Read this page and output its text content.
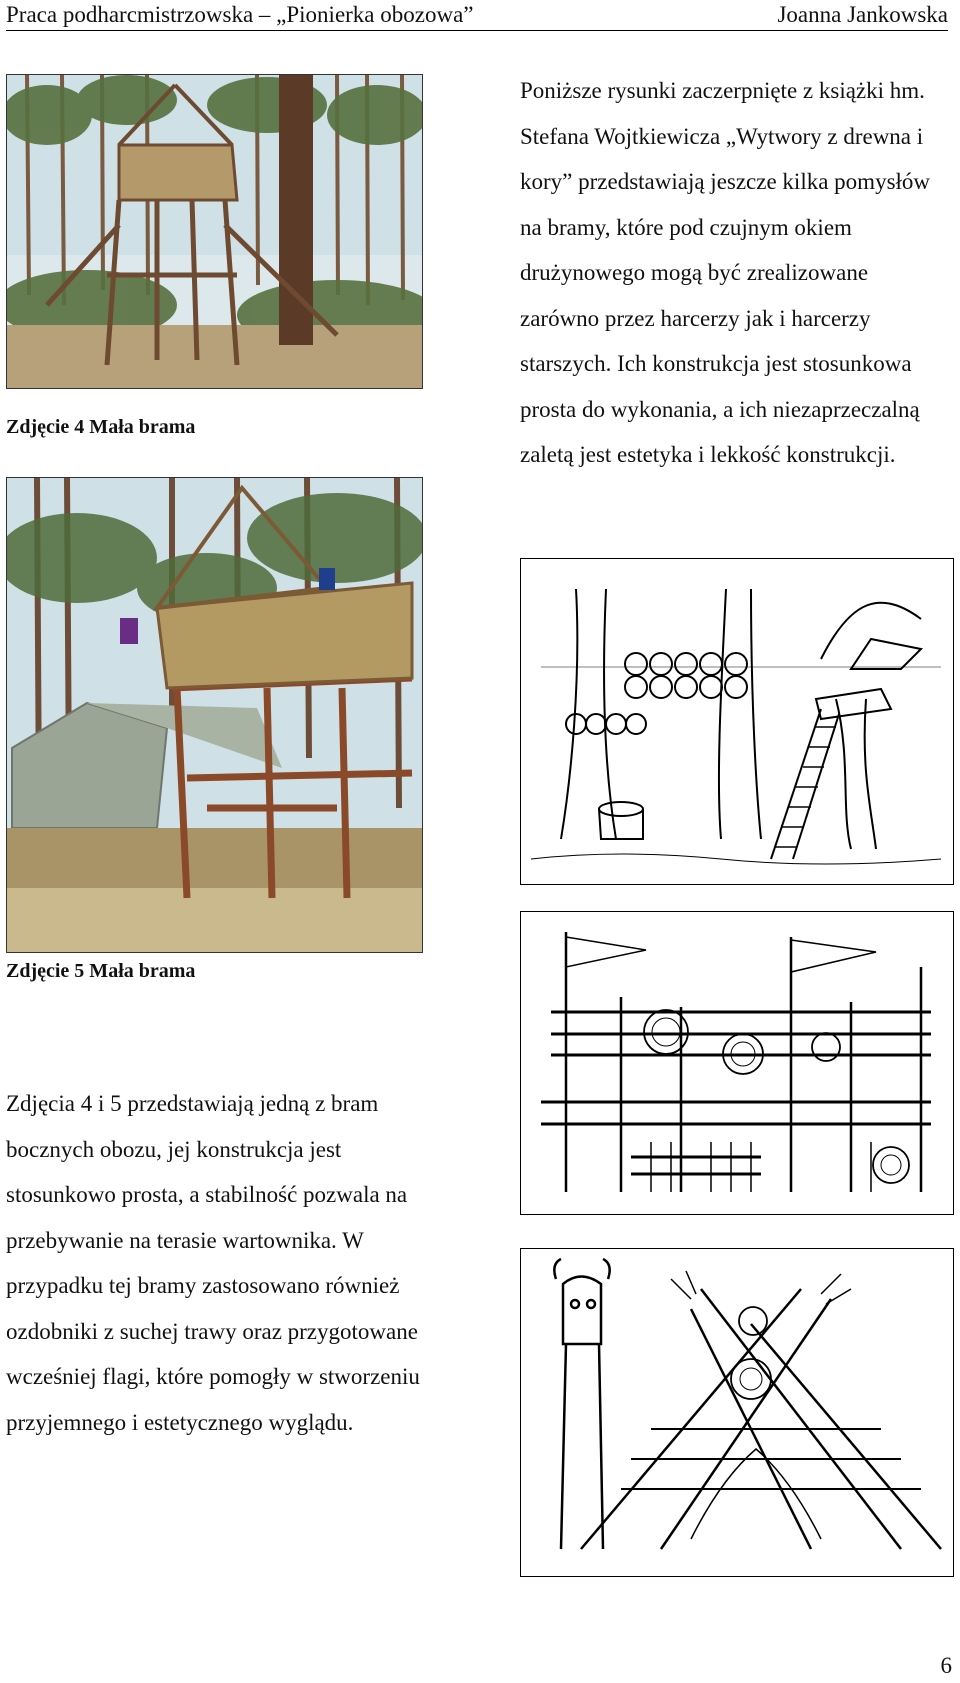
Praca podharcmistrzowska – „Pionierka obozowa”	Joanna Jankowska
Zdjęcie 4 Mała brama
Zdjęcie 5 Mała brama
Poniższe rysunki zaczerpnięte z książki hm. Stefana Wojtkiewicza „Wytwory z drewna i kory” przedstawiają jeszcze kilka pomysłów na bramy, które pod czujnym okiem drużynowego mogą być zrealizowane zarówno przez harcerzy jak i harcerzy starszych. Ich konstrukcja jest stosunkowa prosta do wykonania, a ich niezaprzeczalną zaletą jest estetyka i lekkość konstrukcji.
Zdjęcia 4 i 5 przedstawiają jedną z bram bocznych obozu, jej konstrukcja jest stosunkowo prosta, a stabilność pozwala na przebywanie na terasie wartownika. W przypadku tej bramy zastosowano również ozdobniki z suchej trawy oraz przygotowane wcześniej flagi, które pomogły w stworzeniu przyjemnego i estetycznego wyglądu.
6
